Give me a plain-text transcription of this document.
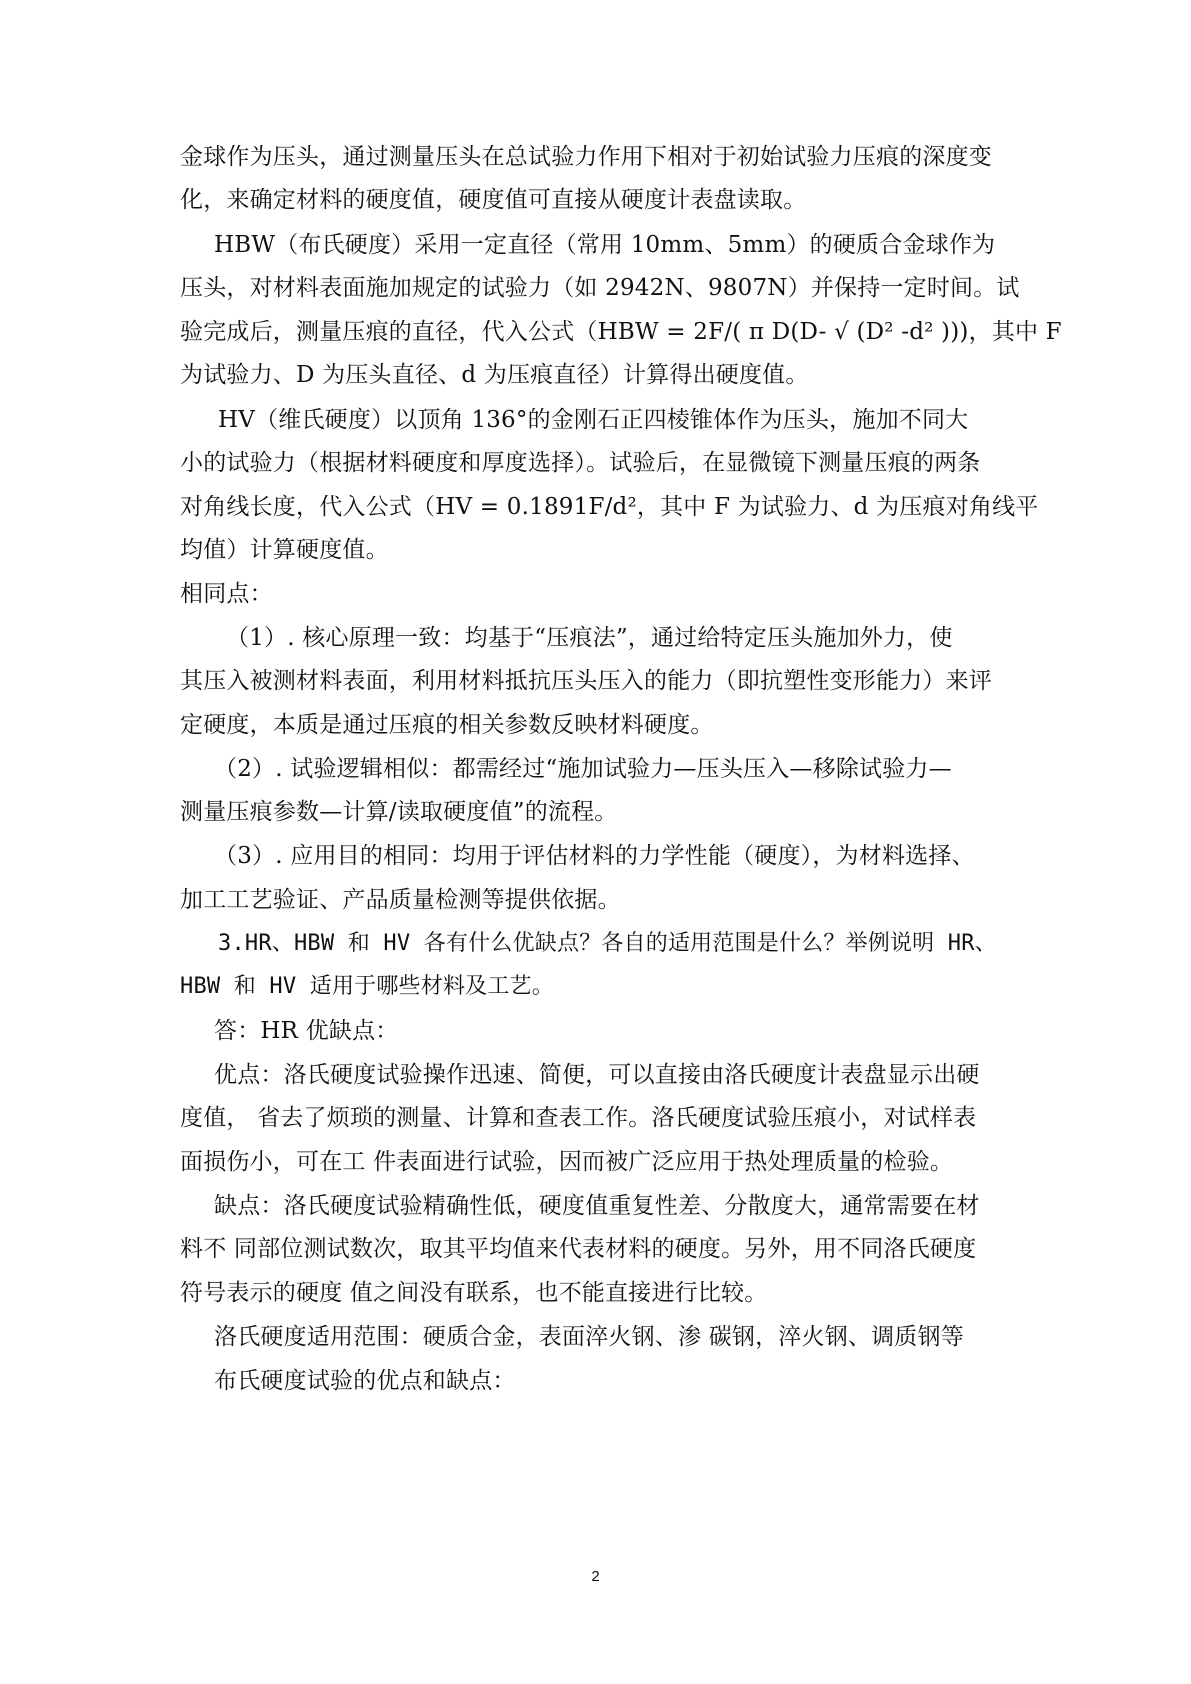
金球作为压头，通过测量压头在总试验力作用下相对于初始试验力压痕的深度变
化，来确定材料的硬度值，硬度值可直接从硬度计表盘读取。
HBW（布氏硬度）采用一定直径（常用 10mm、5mm）的硬质合金球作为
压头，对材料表面施加规定的试验力（如 2942N、9807N）并保持一定时间。试
验完成后，测量压痕的直径，代入公式（HBW = 2F/( π D(D- √ (D² -d² )))，其中 F
为试验力、D 为压头直径、d 为压痕直径）计算得出硬度值。
HV（维氏硬度）以顶角 136°的金刚石正四棱锥体作为压头，施加不同大
小的试验力（根据材料硬度和厚度选择）。试验后，在显微镜下测量压痕的两条
对角线长度，代入公式（HV = 0.1891F/d²，其中 F 为试验力、d 为压痕对角线平
均值）计算硬度值。
相同点：
（1）. 核心原理一致：均基于“压痕法”，通过给特定压头施加外力，使
其压入被测材料表面，利用材料抵抗压头压入的能力（即抗塑性变形能力）来评
定硬度，本质是通过压痕的相关参数反映材料硬度。
（2）. 试验逻辑相似：都需经过“施加试验力—压头压入—移除试验力—
测量压痕参数—计算/读取硬度值”的流程。
（3）. 应用目的相同：均用于评估材料的力学性能（硬度），为材料选择、
加工工艺验证、产品质量检测等提供依据。
3.HR、HBW 和 HV 各有什么优缺点？各自的适用范围是什么？举例说明 HR、
HBW 和 HV 适用于哪些材料及工艺。
答：HR 优缺点：
优点：洛氏硬度试验操作迅速、简便，可以直接由洛氏硬度计表盘显示出硬
度值， 省去了烦琐的测量、计算和查表工作。洛氏硬度试验压痕小，对试样表
面损伤小，可在工 件表面进行试验，因而被广泛应用于热处理质量的检验。
缺点：洛氏硬度试验精确性低，硬度值重复性差、分散度大，通常需要在材
料不 同部位测试数次，取其平均值来代表材料的硬度。另外，用不同洛氏硬度
符号表示的硬度 值之间没有联系，也不能直接进行比较。
洛氏硬度适用范围：硬质合金，表面淬火钢、渗 碳钢，淬火钢、调质钢等
布氏硬度试验的优点和缺点：
2
